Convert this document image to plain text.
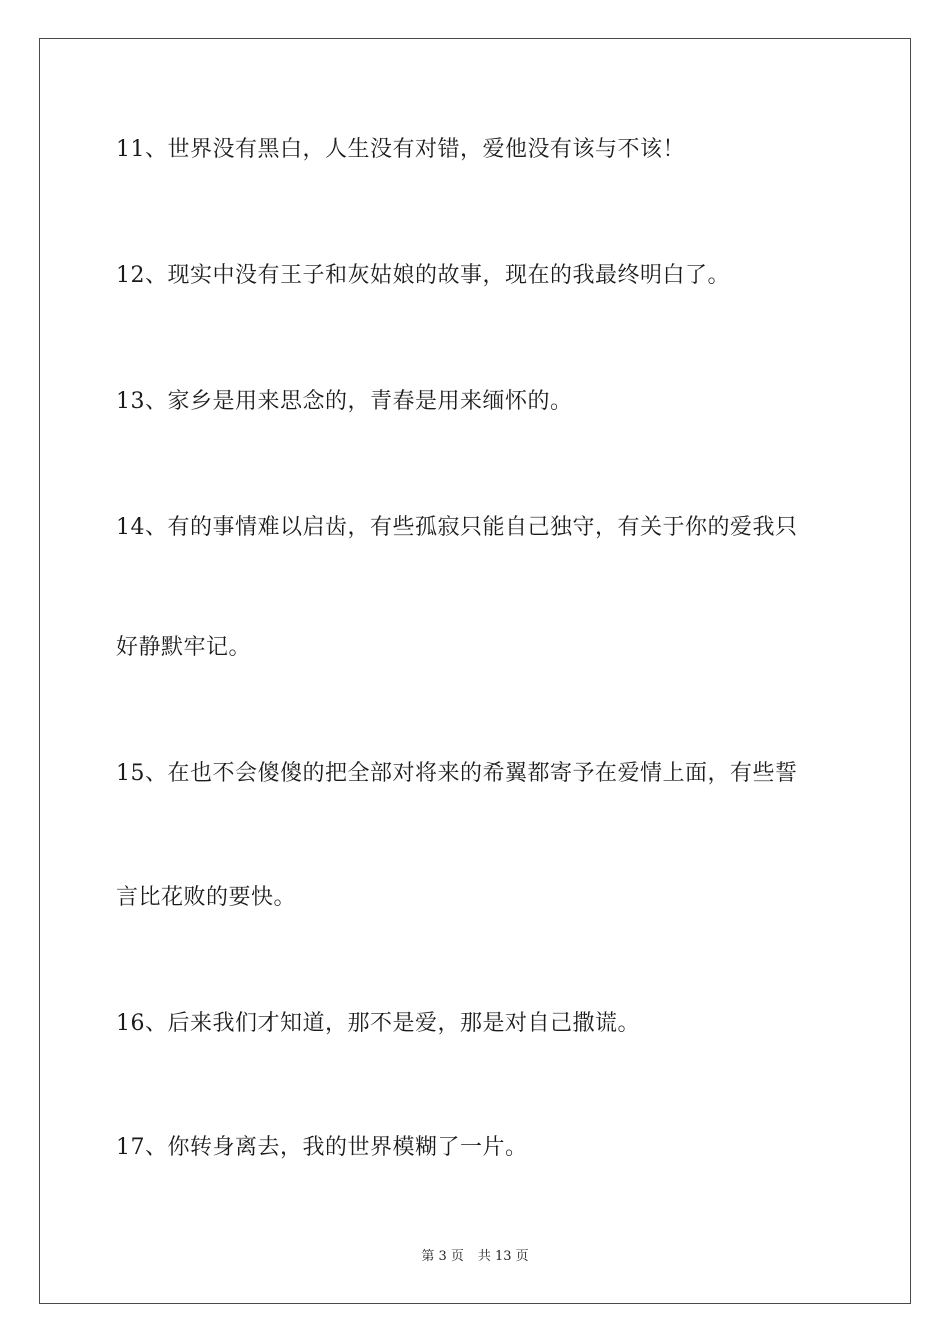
11、世界没有黑白，人生没有对错，爱他没有该与不该！
12、现实中没有王子和灰姑娘的故事，现在的我最终明白了。
13、家乡是用来思念的，青春是用来缅怀的。
14、有的事情难以启齿，有些孤寂只能自己独守，有关于你的爱我只
好静默牢记。
15、在也不会傻傻的把全部对将来的希翼都寄予在爱情上面，有些誓
言比花败的要快。
16、后来我们才知道，那不是爱，那是对自己撒谎。
17、你转身离去，我的世界模糊了一片。
第 3 页 共 13 页
